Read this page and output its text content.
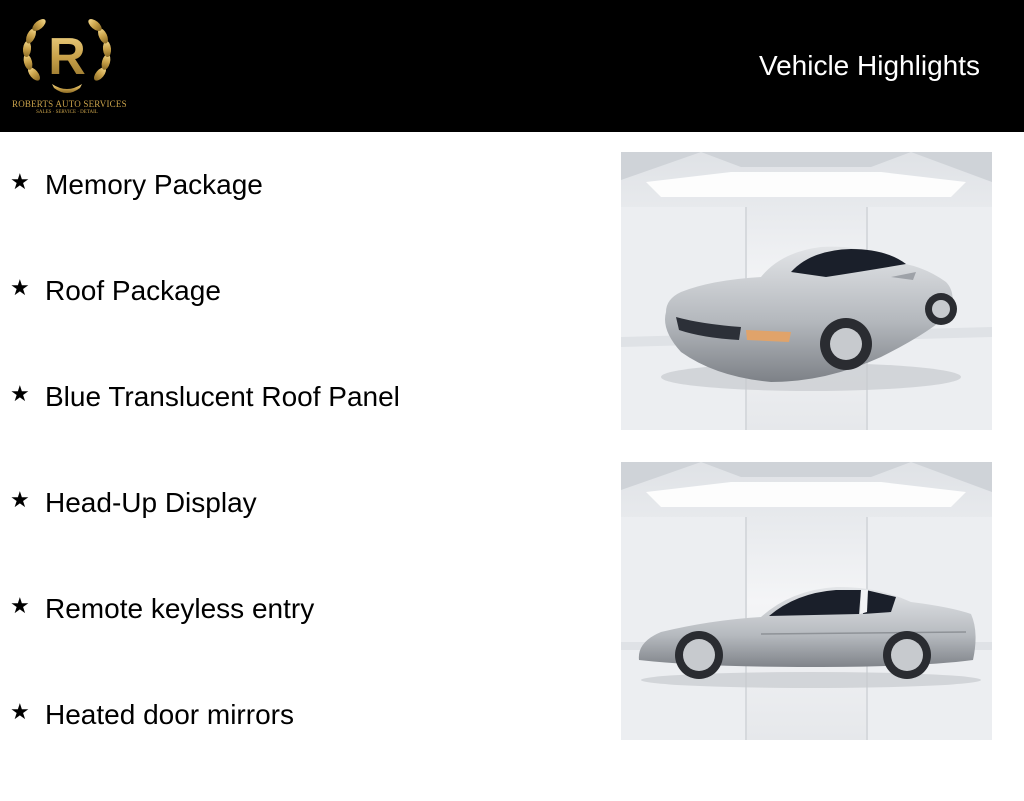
R
ROBERTS AUTO SERVICES
SALES · SERVICE · DETAIL
Vehicle Highlights
★ Memory Package
★ Roof Package
★ Blue Translucent Roof Panel
★ Head-Up Display
★ Remote keyless entry
★ Heated door mirrors
